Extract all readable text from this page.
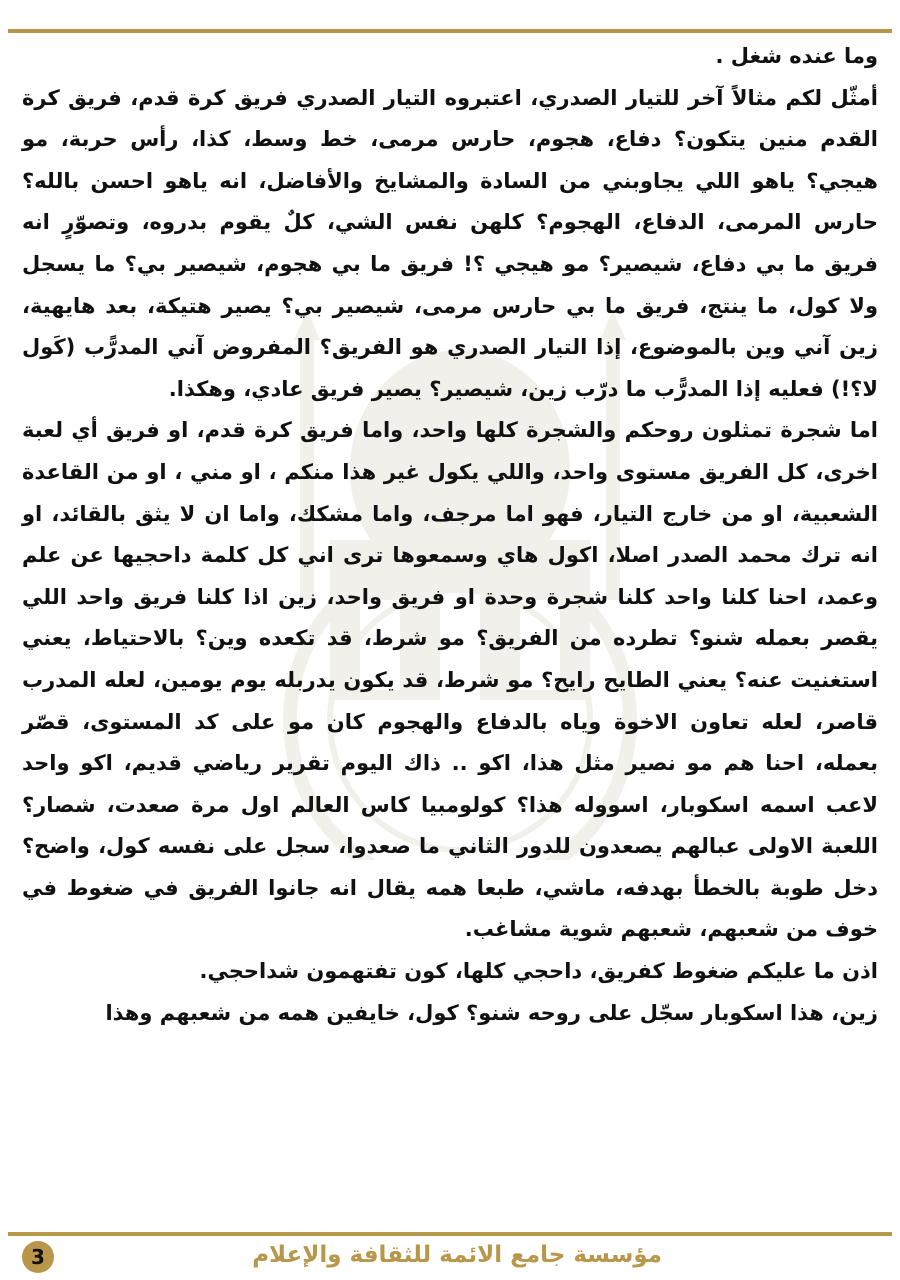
وما عنده شغل .

أمثّل لكم مثالاً آخر للتيار الصدري، اعتبروه التيار الصدري فريق كرة قدم، فريق كرة القدم منين يتكون؟ دفاع، هجوم، حارس مرمى، خط وسط، كذا، رأس حربة، مو هيجي؟ ياهو اللي يجاوبني من السادة والمشايخ والأفاضل، انه ياهو احسن بالله؟ حارس المرمى، الدفاع، الهجوم؟ كلهن نفس الشي، كلٌ يقوم بدروه، وتصوّرٍ انه فريق ما بي دفاع، شيصير؟ مو هيجي ؟! فريق ما بي هجوم، شيصير بي؟ ما يسجل ولا كول، ما ينتج، فريق ما بي حارس مرمى، شيصير بي؟ يصير هتيكة، بعد هايهية، زين آني وين بالموضوع، إذا التيار الصدري هو الفريق؟ المفروض آني المدرًّب (كَول لا؟!) فعليه إذا المدرًّب ما درّب زين، شيصير؟ يصير فريق عادي، وهكذا.

اما شجرة تمثلون روحكم والشجرة كلها واحد، واما فريق كرة قدم، او فريق أي لعبة اخرى، كل الفريق مستوى واحد، واللي يكول غير هذا منكم ، او مني ، او من القاعدة الشعبية، او من خارج التيار، فهو اما مرجف، واما مشكك، واما ان لا يثق بالقائد، او انه ترك محمد الصدر اصلا، اكول هاي وسمعوها ترى اني كل كلمة داحجيها عن علم وعمد، احنا كلنا واحد كلنا شجرة وحدة او فريق واحد، زين اذا كلنا فريق واحد اللي يقصر بعمله شنو؟ تطرده من الفريق؟ مو شرط، قد تكعده وين؟ بالاحتياط، يعني استغنيت عنه؟ يعني الطايح رايح؟ مو شرط، قد يكون يدربله يوم يومين، لعله المدرب قاصر، لعله تعاون الاخوة وياه بالدفاع والهجوم كان مو على كد المستوى، قصّر بعمله، احنا هم مو نصير مثل هذا، اكو .. ذاك اليوم تقرير رياضي قديم، اكو واحد لاعب اسمه اسكوبار، اسووله هذا؟ كولومبيا كاس العالم اول مرة صعدت، شصار؟ اللعبة الاولى عبالهم يصعدون للدور الثاني ما صعدوا، سجل على نفسه كول، واضح؟ دخل طوبة بالخطأ بهدفه، ماشي، طبعا همه يقال انه جانوا الفريق في ضغوط في خوف من شعبهم، شعبهم شوية مشاغب.

اذن ما عليكم ضغوط كفريق، داحجي كلها، كون تفتهمون شداحجي.

زين، هذا اسكوبار سجّل على روحه شنو؟ كول، خايفين همه من شعبهم وهذا

مؤسسة جامع الائمة للثقافة والإعلام
3
